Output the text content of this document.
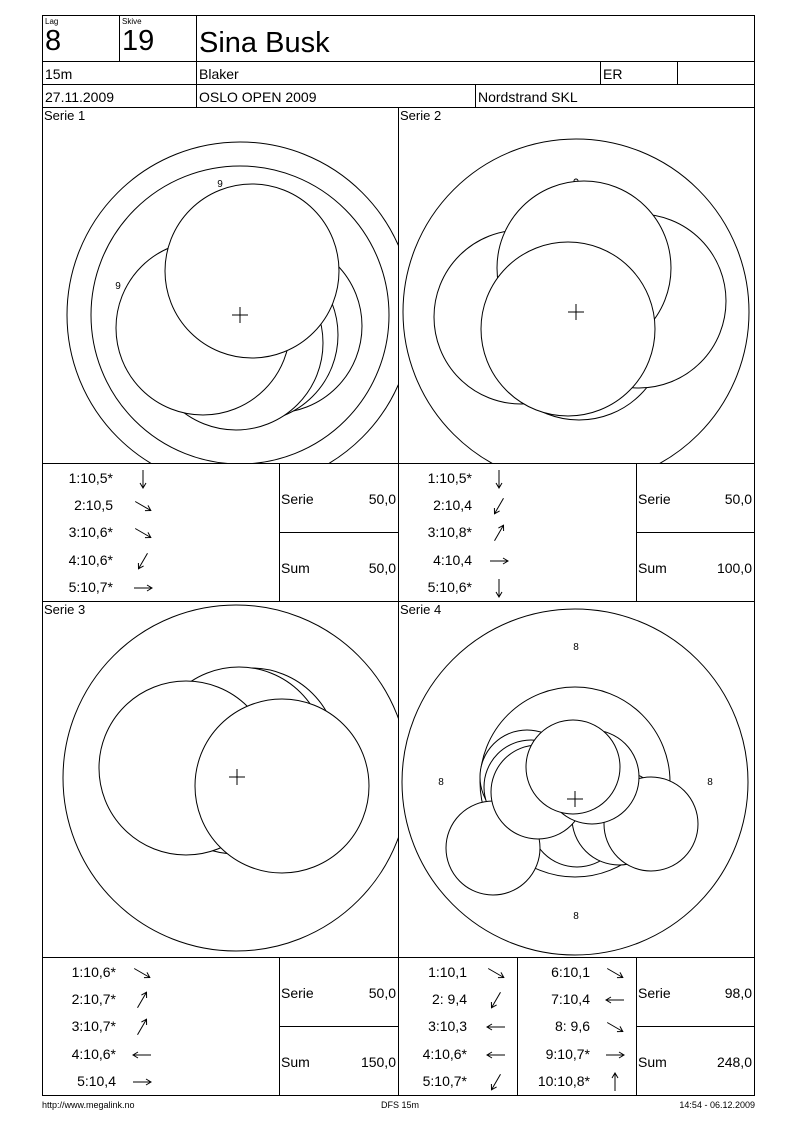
Lag
8
Skive
19 Sina Busk
15m	Blaker	ER
27.11.2009	OSLO OPEN 2009	Nordstrand SKL
Serie 1
9
9
Serie 2
Serie	50,0
Sum	50,0
Serie	50,0
Sum	100,0
Serie 3	Serie 4
8
8	8
8
Serie	50,0
Sum	150,0
Serie	98,0
Sum	248,0
1:10,5*
2:10,5
3:10,6*
4:10,6*
5:10,7*
1:10,5*
2:10,4
3:10,8*
4:10,4
5:10,6*
1:10,6*
2:10,7*
3:10,7*
4:10,6*
5:10,4
1:10,1
2: 9,4
3:10,3
4:10,6*
5:10,7*
6:10,1
7:10,4
8: 9,6
9:10,7*
10:10,8*
http://www.megalink.no	DFS 15m	14:54 - 06.12.2009
